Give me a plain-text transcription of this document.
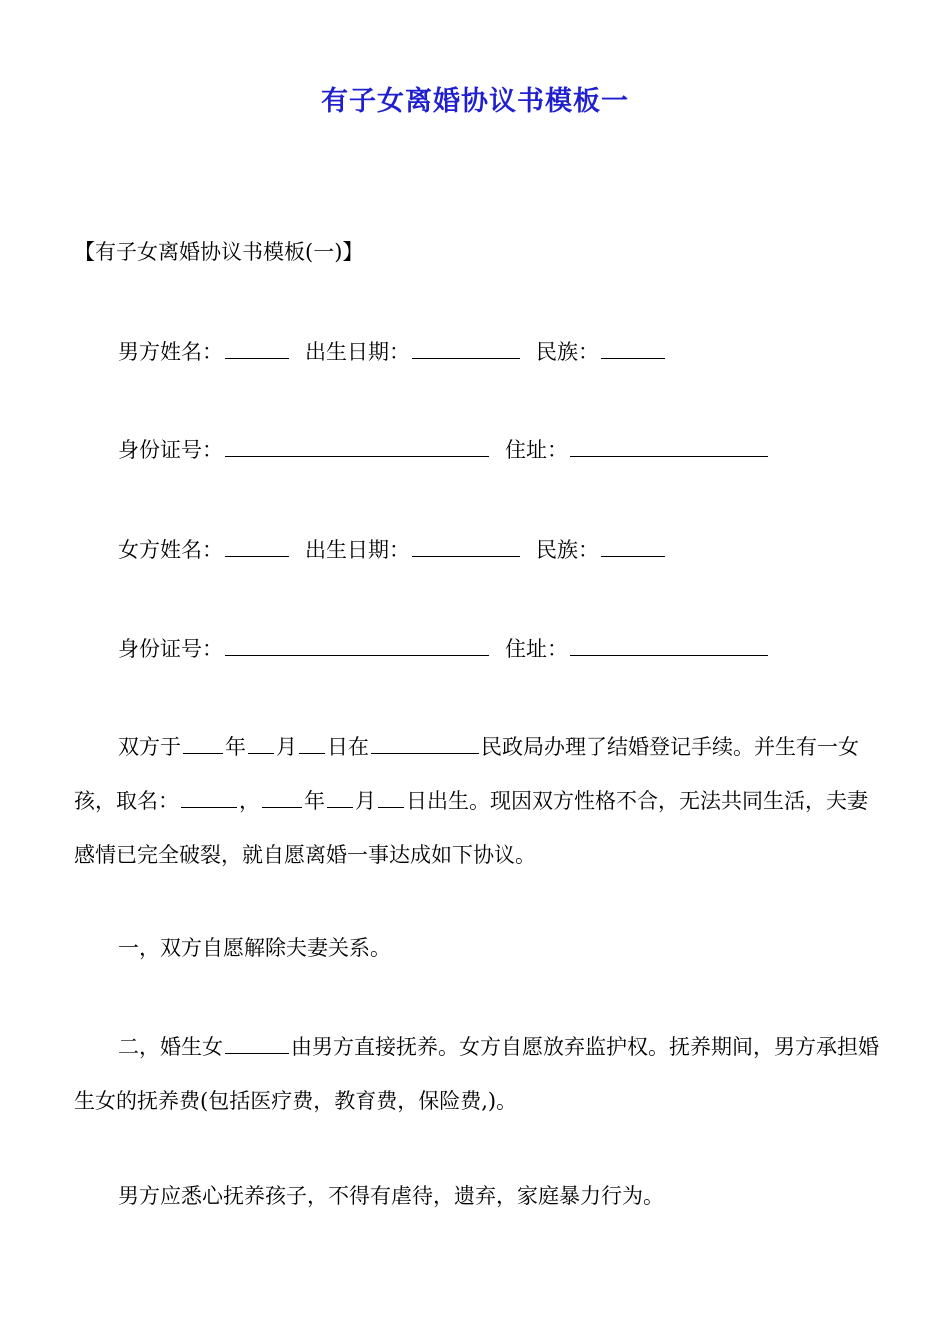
有子女离婚协议书模板一
【有子女离婚协议书模板(一)】
男方姓名：	出生日期：	民族：
身份证号：	住址：
女方姓名：	出生日期：	民族：
身份证号：	住址：

双方于 年 月 日在	民政局办理了结婚登记手续。并生有一女孩，取名：	， 年 月 日出生。现因双方性格不合，无法共同生活，夫妻感情已完全破裂，就自愿离婚一事达成如下协议。

一，双方自愿解除夫妻关系。

二，婚生女	由男方直接抚养。女方自愿放弃监护权。抚养期间，男方承担婚生女的抚养费(包括医疗费，教育费，保险费,)。

男方应悉心抚养孩子，不得有虐待，遗弃，家庭暴力行为。
